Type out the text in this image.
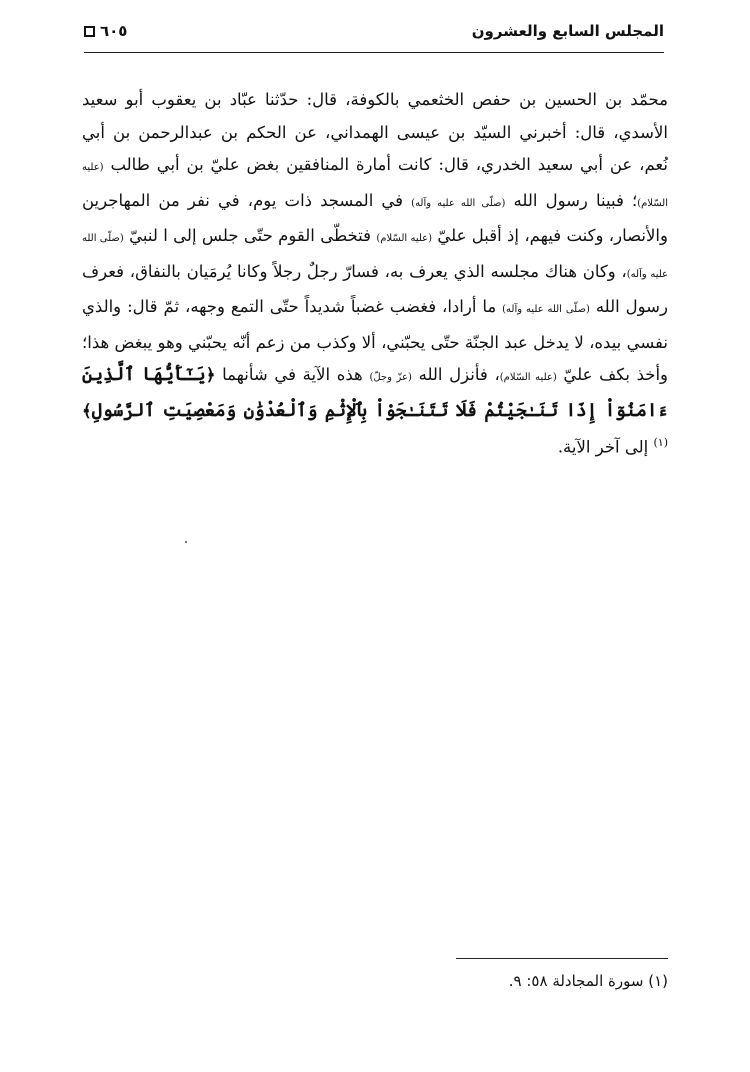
المجلس السابع والعشرون
٦٠٥

محمّد بن الحسين بن حفص الخثعمي بالكوفة، قال: حدّثنا عبّاد بن يعقوب أبو سعيد الأسدي، قال: أخبرني السيّد بن عيسى الهمداني، عن الحكم بن عبدالرحمن بن أبي نُعم، عن أبي سعيد الخدري، قال: كانت أمارة المنافقين بغض عليّ بن أبي طالب (عليه السّلام)؛ فبينا رسول الله (صلّى الله عليه وآله) في المسجد ذات يوم، في نفر من المهاجرين والأنصار، وكنت فيهم، إذ أقبل عليّ (عليه السّلام) فتخطّى القوم حتّى جلس إلى ا لنبيّ (صلّى الله عليه وآله)، وكان هناك مجلسه الذي يعرف به، فسارّ رجلٌ رجلاً وكانا يُرمَيان بالنفاق، فعرف رسول الله (صلّى الله عليه وآله) ما أرادا، فغضب غضباً شديداً حتّى التمع وجهه، ثمّ قال: والذي نفسي بيده، لا يدخل عبد الجنّة حتّى يحبّني، ألا وكذب من زعم أنّه يحبّني وهو يبغض هذا؛ وأخذ بكف عليّ (عليه السّلام)، فأنزل الله (عزّ وجلّ) هذه الآية في شأنهما ﴿يَـٰٓأَيُّهَا ٱلَّذِينَ ءَامَنُوٓاْ إِذَا تَنَـٰجَيْتُمْ فَلَا تَتَنَـٰجَوْاْ بِٱلْإِثْمِ وَٱلْعُدْوَٰنِ وَمَعْصِيَتِ ٱلرَّسُولِ﴾$^{(١)}$ إلى آخر الآية.

(١) سورة المجادلة ٥٨: ٩.
